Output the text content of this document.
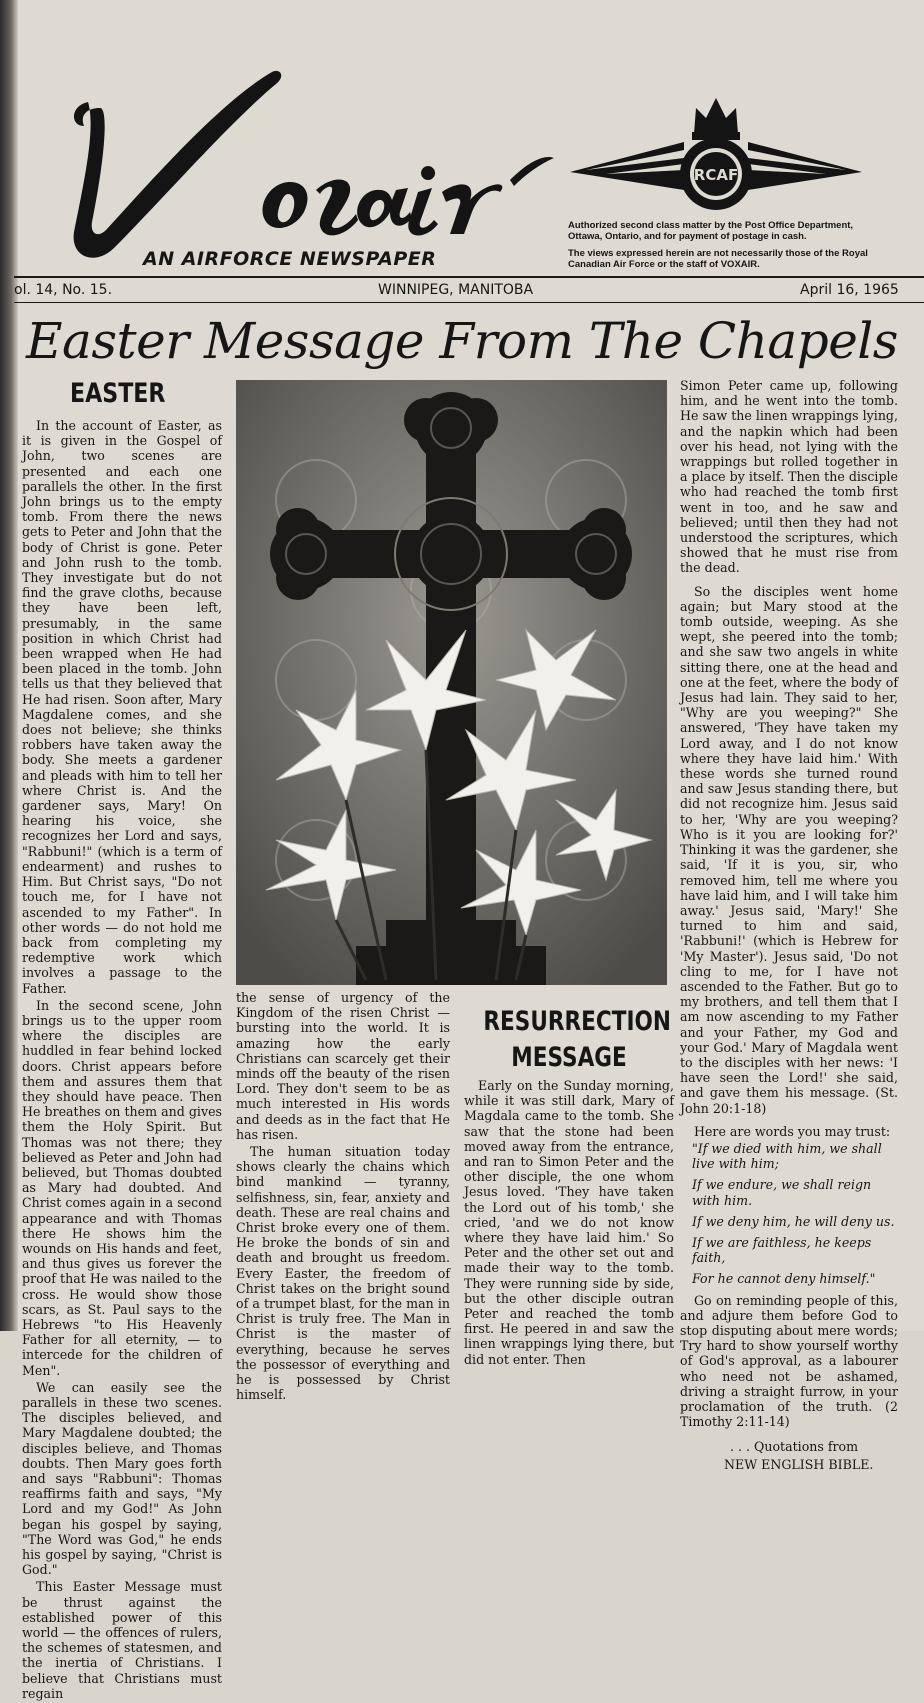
AN AIRFORCE NEWSPAPER
RCAF

Authorized second class matter by the Post Office Department, Ottawa, Ontario, and for payment of postage in cash.

The views expressed herein are not necessarily those of the Royal Canadian Air Force or the staff of VOXAIR.

ol. 14, No. 15.	WINNIPEG, MANITOBA	April 16, 1965
Easter Message From The Chapels
EASTER

In the account of Easter, as it is given in the Gospel of John, two scenes are presented and each one parallels the other. In the first John brings us to the empty tomb. From there the news gets to Peter and John that the body of Christ is gone. Peter and John rush to the tomb. They investigate but do not find the grave cloths, because they have been left, presumably, in the same position in which Christ had been wrapped when He had been placed in the tomb. John tells us that they believed that He had risen. Soon after, Mary Magdalene comes, and she does not believe; she thinks robbers have taken away the body. She meets a gardener and pleads with him to tell her where Christ is. And the gardener says, Mary! On hearing his voice, she recognizes her Lord and says, "Rabbuni!" (which is a term of endearment) and rushes to Him. But Christ says, "Do not touch me, for I have not ascended to my Father". In other words — do not hold me back from completing my redemptive work which involves a passage to the Father.

In the second scene, John brings us to the upper room where the disciples are huddled in fear behind locked doors. Christ appears before them and assures them that they should have peace. Then He breathes on them and gives them the Holy Spirit. But Thomas was not there; they believed as Peter and John had believed, but Thomas doubted as Mary had doubted. And Christ comes again in a second appearance and with Thomas there He shows him the wounds on His hands and feet, and thus gives us forever the proof that He was nailed to the cross. He would show those scars, as St. Paul says to the Hebrews "to His Heavenly Father for all eternity, — to intercede for the children of Men".

We can easily see the parallels in these two scenes. The disciples believed, and Mary Magdalene doubted; the disciples believe, and Thomas doubts. Then Mary goes forth and says "Rabbuni": Thomas reaffirms faith and says, "My Lord and my God!" As John began his gospel by saying, "The Word was God," he ends his gospel by saying, "Christ is God."

This Easter Message must be thrust against the established power of this world — the offences of rulers, the schemes of statesmen, and the inertia of Christians. I believe that Christians must regain

the sense of urgency of the Kingdom of the risen Christ — bursting into the world. It is amazing how the early Christians can scarcely get their minds off the beauty of the risen Lord. They don't seem to be as much interested in His words and deeds as in the fact that He has risen.

The human situation today shows clearly the chains which bind mankind — tyranny, selfishness, sin, fear, anxiety and death. These are real chains and Christ broke every one of them. He broke the bonds of sin and death and brought us freedom. Every Easter, the freedom of Christ takes on the bright sound of a trumpet blast, for the man in Christ is truly free. The Man in Christ is the master of everything, because he serves the possessor of everything and he is possessed by Christ himself.

RESURRECTION
MESSAGE

Early on the Sunday morning, while it was still dark, Mary of Magdala came to the tomb. She saw that the stone had been moved away from the entrance, and ran to Simon Peter and the other disciple, the one whom Jesus loved. 'They have taken the Lord out of his tomb,' she cried, 'and we do not know where they have laid him.' So Peter and the other set out and made their way to the tomb. They were running side by side, but the other disciple outran Peter and reached the tomb first. He peered in and saw the linen wrappings lying there, but did not enter. Then

Simon Peter came up, following him, and he went into the tomb. He saw the linen wrappings lying, and the napkin which had been over his head, not lying with the wrappings but rolled together in a place by itself. Then the disciple who had reached the tomb first went in too, and he saw and believed; until then they had not understood the scriptures, which showed that he must rise from the dead.

So the disciples went home again; but Mary stood at the tomb outside, weeping. As she wept, she peered into the tomb; and she saw two angels in white sitting there, one at the head and one at the feet, where the body of Jesus had lain. They said to her, "Why are you weeping?" She answered, 'They have taken my Lord away, and I do not know where they have laid him.' With these words she turned round and saw Jesus standing there, but did not recognize him. Jesus said to her, 'Why are you weeping? Who is it you are looking for?' Thinking it was the gardener, she said, 'If it is you, sir, who removed him, tell me where you have laid him, and I will take him away.' Jesus said, 'Mary!' She turned to him and said, 'Rabbuni!' (which is Hebrew for 'My Master'). Jesus said, 'Do not cling to me, for I have not ascended to the Father. But go to my brothers, and tell them that I am now ascending to my Father and your Father, my God and your God.' Mary of Magdala went to the disciples with her news: 'I have seen the Lord!' she said, and gave them his message. (St. John 20:1-18)

Here are words you may trust:

"If we died with him, we shall live with him;

If we endure, we shall reign with him.

If we deny him, he will deny us.

If we are faithless, he keeps faith,

For he cannot deny himself."

Go on reminding people of this, and adjure them before God to stop disputing about mere words; Try hard to show yourself worthy of God's approval, as a labourer who need not be ashamed, driving a straight furrow, in your proclamation of the truth. (2 Timothy 2:11-14)

. . . Quotations from

NEW ENGLISH BIBLE.
